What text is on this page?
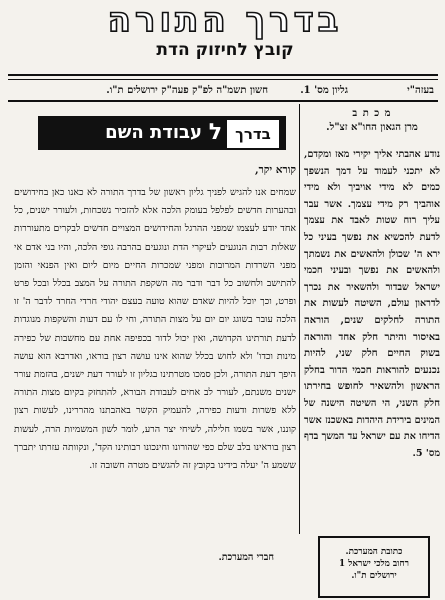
בדרך התורה
קובץ לחיזוק הדת
בעזה"י
גליון מס' 1.
חשון תשמ"ה לפ"ק פעה"ק ירושלים ת"ו.
מ כ ת ב
מרן הגאון החו"א זצ"ל.
נודע אהבתי אליך יקירי מאז ומקדם, לא יתכני לעמוד על דמך הנשפך כמים לא מידי אויביך ולא מידי אוהביך רק מידי עצמך. אשר עבר עליך רוח שטות לאבד את עצמך לדעת להכשיא את נפשך בעיני כל ירא ה' שכולן ולהאשים את נשמתך ולהאשים את נפשך ובעיני חכמי ישראל שבדור ולהשאיר את נכרך לדראון עולם, השיטה לעשות את התורה לחלקים שנים, הוראה באיסור והיתר חלק אחד והוראה בשוק החיים חלק שני, להיות נכנעים להוראות חכמי הדור בחלק הראשון ולהשאיר לחופש בחירתו חלק השני, הי השיטה הישנה של המינים בירידת היהדות באשכנז אשר הדיחו את עם ישראל עד המשך בדף מס' 5.
בדרך
ל
עבודת השם
קורא יקר,
שמחים אנו להגיש לפניך גליון ראשון של בדרך התורה לא כאנו כאן בחידושים ובהערות חדשים לפלפל בעומק הלכה אלא להזכיר נשכחות, ולעורר ישנים, כל אחד יודע לעצמו שמפני ההרגל והחידושים המצויים חדשים לבקרים מתעוררות שאלות רבות הנוגעים לעיקרי הדת ונוגעים בהרבה גופי הלכה, והיו בני אדם אי מפני השרדות המרובות ומפני שמכרות החיים מיום ליום ואין הפנאי והזמן להתישב ולחשוב כל דבר ודבר מה השקפת התורה על המצב בכלל ובכל פרט ופרט, וכך יוכל להיות שאדם שהוא טועה בעצם יהודי חרדי החרד לדבר ה' זו הלכה עובר בשוגג יום יום על מצות התורה, וחי לו עם דעות והשקפות מנוגדות לדעת תורתינו הקדושה, ואין יכול לדור בכפיפה אחת עם מחשבות של כפירה מינות וכדו' ולא לחוש בכלל שהוא אינו עושה רצון בוראו, ואדרבא הוא עושה היפך דעת התורה, ולכן סמכו מטרתינו בגליון זו לעורר דעת ישנים, בהזמת עורר ישנים משנתם, לעורר לב אחים לעבודת הבורא, להתחזק בקיום מצות התורה ללא פשרות ודעות כפירה, להעמיק הקשר באהבתנו מהררינו, לעשות רצון קוננו, אשר בשמו חלילה, לשיחי יצר הרע, לומר לשון המשמיות הרה, לעשות רצון בוראינו בלב שלם כפי שהורונו וחינכונו רבותינו הקד', ונקוותה עזרתו יתברך ששמע ה' יעלה בידינו בקובץ זה להגשים מטרה חשובה זו.
חברי המערכת.	כתובת המערכת.
רחוב מלכי ישראל 1
ירושלים ת"ו.
